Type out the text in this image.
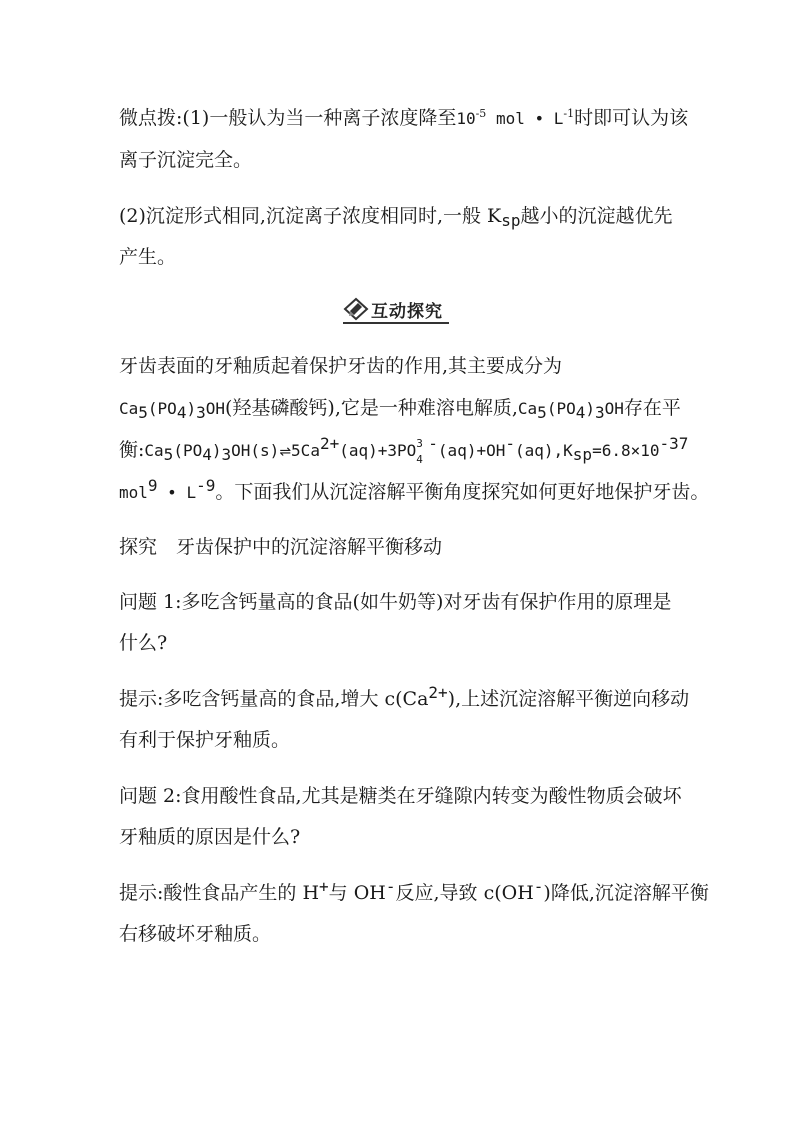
微点拨:(1)一般认为当一种离子浓度降至$10^{-5}$ mol • $L^{-1}$时即可认为该
离子沉淀完全。
(2)沉淀形式相同,沉淀离子浓度相同时,一般 $K_{sp}$越小的沉淀越优先
产生。
互动探究
牙齿表面的牙釉质起着保护牙齿的作用,其主要成分为
$Ca_5(PO_4)_3OH$(羟基磷酸钙),它是一种难溶电解质$,Ca_5(PO_4)_3OH$存在平
衡$:Ca_5(PO_4)_3OH(s)\rightleftharpoons 5Ca^{2+}(aq)+3PO$ 3
4
$^-(aq)+OH^-(aq),K_{sp}=6.8\times 10^{-37}$
mol$^9$ • $L^{-9}$。下面我们从沉淀溶解平衡角度探究如何更好地保护牙齿。
探究　牙齿保护中的沉淀溶解平衡移动
问题 1:多吃含钙量高的食品(如牛奶等)对牙齿有保护作用的原理是
什么?
提示:多吃含钙量高的食品,增大 $c(Ca^{2+})$,上述沉淀溶解平衡逆向移动
有利于保护牙釉质。
问题 2:食用酸性食品,尤其是糖类在牙缝隙内转变为酸性物质会破坏
牙釉质的原因是什么?
提示:酸性食品产生的 H+与 OH-反应,导致 c(OH-)降低,沉淀溶解平衡
右移破坏牙釉质。
